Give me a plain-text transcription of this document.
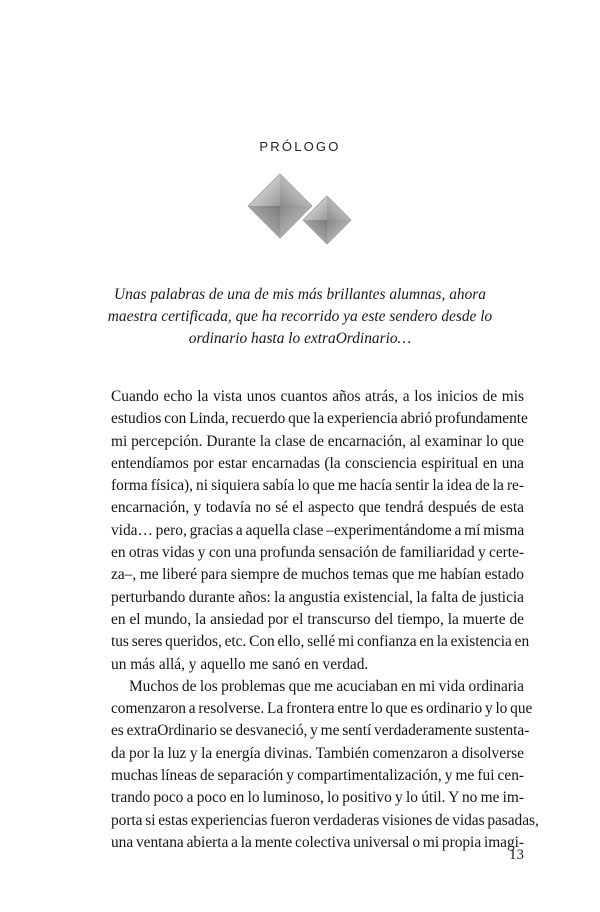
PRÓLOGO
Unas palabras de una de mis más brillantes alumnas, ahora
maestra certificada, que ha recorrido ya este sendero desde lo
ordinario hasta lo extraOrdinario…
Cuando echo la vista unos cuantos años atrás, a los inicios de mis
estudios con Linda, recuerdo que la experiencia abrió profundamente
mi percepción. Durante la clase de encarnación, al examinar lo que
entendíamos por estar encarnadas (la consciencia espiritual en una
forma física), ni siquiera sabía lo que me hacía sentir la idea de la re-
encarnación, y todavía no sé el aspecto que tendrá después de esta
vida… pero, gracias a aquella clase –experimentándome a mí misma
en otras vidas y con una profunda sensación de familiaridad y certe-
za–, me liberé para siempre de muchos temas que me habían estado
perturbando durante años: la angustia existencial, la falta de justicia
en el mundo, la ansiedad por el transcurso del tiempo, la muerte de
tus seres queridos, etc. Con ello, sellé mi confianza en la existencia en
un más allá, y aquello me sanó en verdad.
Muchos de los problemas que me acuciaban en mi vida ordinaria
comenzaron a resolverse. La frontera entre lo que es ordinario y lo que
es extraOrdinario se desvaneció, y me sentí verdaderamente sustenta-
da por la luz y la energía divinas. También comenzaron a disolverse
muchas líneas de separación y compartimentalización, y me fui cen-
trando poco a poco en lo luminoso, lo positivo y lo útil. Y no me im-
porta si estas experiencias fueron verdaderas visiones de vidas pasadas,
una ventana abierta a la mente colectiva universal o mi propia imagi-
13
